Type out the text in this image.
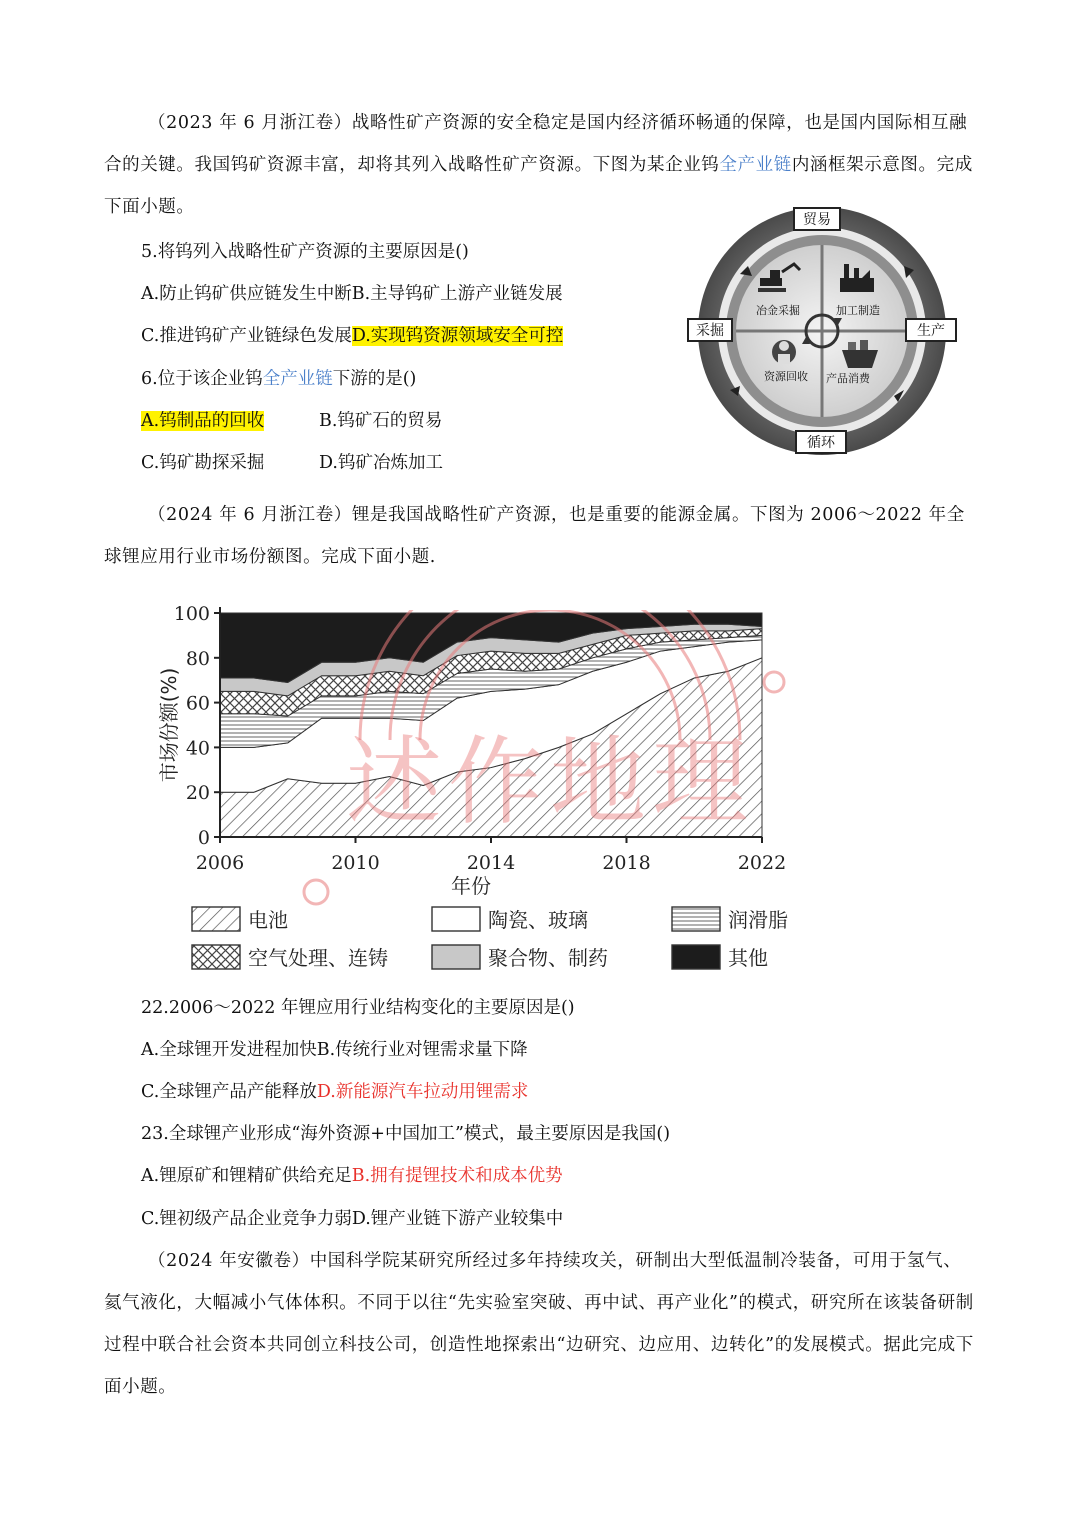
（2023 年 6 月浙江卷）战略性矿产资源的安全稳定是国内经济循环畅通的保障，也是国内国际相互融合的关键。我国钨矿资源丰富，却将其列入战略性矿产资源。下图为某企业钨全产业链内涵框架示意图。完成下面小题。
5.将钨列入战略性矿产资源的主要原因是()
A.防止钨矿供应链发生中断B.主导钨矿上游产业链发展
C.推进钨矿产业链绿色发展D.实现钨资源领域安全可控
6.位于该企业钨全产业链下游的是()
A.钨制品的回收	B.钨矿石的贸易
C.钨矿勘探采掘	D.钨矿冶炼加工
冶金采掘	加工制造
资源回收 产品消费
贸易
采掘	生产
循环
（2024 年 6 月浙江卷）锂是我国战略性矿产资源，也是重要的能源金属。下图为 2006～2022 年全球锂应用行业市场份额图。完成下面小题.
0
20
40
60
80
100
2006	2010	2014	2018	2022
年份
市场份额(%)
电池	陶瓷、玻璃	润滑脂
空气处理、连铸	聚合物、制药	其他
22.2006～2022 年锂应用行业结构变化的主要原因是()
A.全球锂开发进程加快B.传统行业对锂需求量下降
C.全球锂产品产能释放D.新能源汽车拉动用锂需求
23.全球锂产业形成“海外资源+中国加工”模式，最主要原因是我国()
A.锂原矿和锂精矿供给充足B.拥有提锂技术和成本优势
C.锂初级产品企业竞争力弱D.锂产业链下游产业较集中
（2024 年安徽卷）中国科学院某研究所经过多年持续攻关，研制出大型低温制冷装备，可用于氢气、氦气液化，大幅减小气体体积。不同于以往“先实验室突破、再中试、再产业化”的模式，研究所在该装备研制过程中联合社会资本共同创立科技公司，创造性地探索出“边研究、边应用、边转化”的发展模式。据此完成下面小题。
述作地理
